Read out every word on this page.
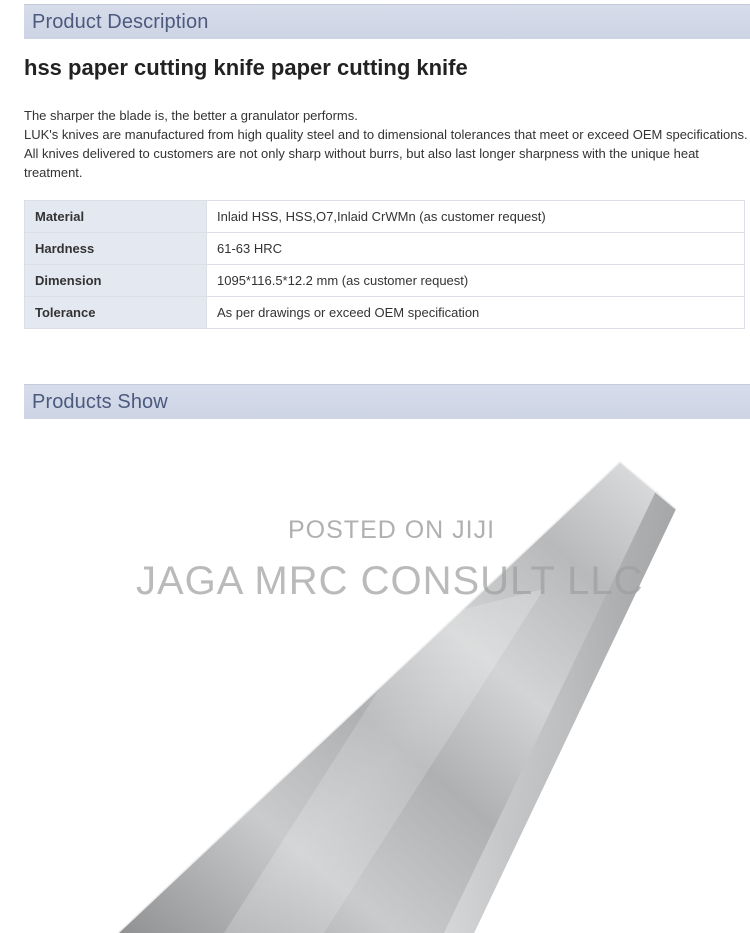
Product Description
hss paper cutting knife paper cutting knife

The sharper the blade is, the better a granulator performs.

LUK's knives are manufactured from high quality steel and to dimensional tolerances that meet or exceed OEM specifications. All knives delivered to customers are not only sharp without burrs, but also last longer sharpness with the unique heat treatment.

Material	Inlaid HSS, HSS,O7,Inlaid CrWMn (as customer request)
Hardness	61-63 HRC
Dimension	1095*116.5*12.2 mm (as customer request)
Tolerance	As per drawings or exceed OEM specification
Products Show
POSTED ON JIJI
JAGA MRC CONSULT LLC
